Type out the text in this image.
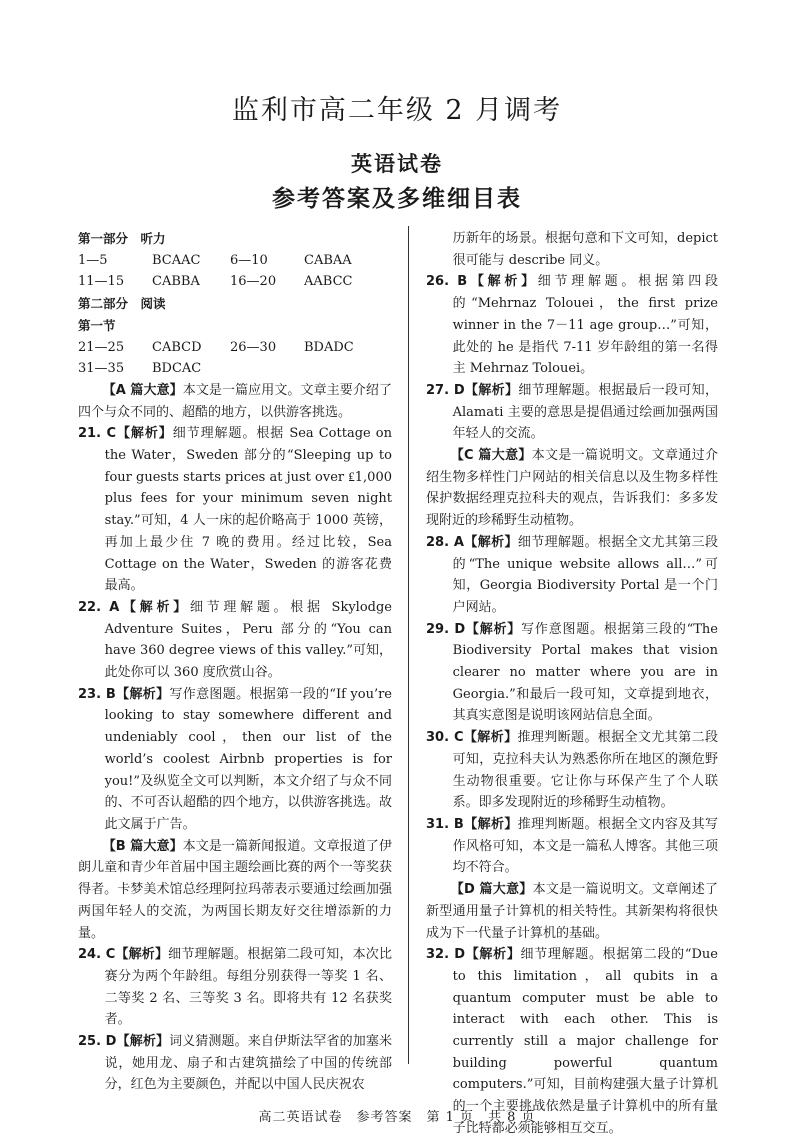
监利市高二年级 2 月调考
英语试卷
参考答案及多维细目表
第一部分　听力
1—5	BCAAC	6—10	CABAA
11—15	CABBA	16—20	AABCC
第二部分　阅读
第一节
21—25	CABCD	26—30	BDADC
31—35	BDCAC

【A 篇大意】本文是一篇应用文。文章主要介绍了四个与众不同的、超酷的地方，以供游客挑选。

21. C【解析】细节理解题。根据 Sea Cottage on the Water，Sweden 部分的“Sleeping up to four guests starts prices at just over ₤1,000 plus fees for your minimum seven night stay.”可知，4 人一床的起价略高于 1000 英镑，再加上最少住 7 晚的费用。经过比较，Sea Cottage on the Water，Sweden 的游客花费最高。

22. A【解析】细节理解题。根据 Skylodge Adventure Suites，Peru 部分的“You can have 360 degree views of this valley.”可知，此处你可以 360 度欣赏山谷。

23. B【解析】写作意图题。根据第一段的“If you’re looking to stay somewhere different and undeniably cool，then our list of the world’s coolest Airbnb properties is for you!”及纵览全文可以判断，本文介绍了与众不同的、不可否认超酷的四个地方，以供游客挑选。故此文属于广告。

【B 篇大意】本文是一篇新闻报道。文章报道了伊朗儿童和青少年首届中国主题绘画比赛的两个一等奖获得者。卡梦美术馆总经理阿拉玛蒂表示要通过绘画加强两国年轻人的交流，为两国长期友好交往增添新的力量。

24. C【解析】细节理解题。根据第二段可知，本次比赛分为两个年龄组。每组分别获得一等奖 1 名、二等奖 2 名、三等奖 3 名。即将共有 12 名获奖者。

25. D【解析】词义猜测题。来自伊斯法罕省的加塞米说，她用龙、扇子和古建筑描绘了中国的传统部分，红色为主要颜色，并配以中国人民庆祝农

历新年的场景。根据句意和下文可知，depict 很可能与 describe 同义。

26. B【解析】细节理解题。根据第四段的“Mehrnaz Tolouei，the first prize winner in the 7－11 age group…”可知，此处的 he 是指代 7-11 岁年龄组的第一名得主 Mehrnaz Tolouei。

27. D【解析】细节理解题。根据最后一段可知，Alamati 主要的意思是提倡通过绘画加强两国年轻人的交流。

【C 篇大意】本文是一篇说明文。文章通过介绍生物多样性门户网站的相关信息以及生物多样性保护数据经理克拉科夫的观点，告诉我们：多多发现附近的珍稀野生动植物。

28. A【解析】细节理解题。根据全文尤其第三段的“The unique website allows all…”可知，Georgia Biodiversity Portal 是一个门户网站。

29. D【解析】写作意图题。根据第三段的“The Biodiversity Portal makes that vision clearer no matter where you are in Georgia.”和最后一段可知，文章提到地衣，其真实意图是说明该网站信息全面。

30. C【解析】推理判断题。根据全文尤其第二段可知，克拉科夫认为熟悉你所在地区的濒危野生动物很重要。它让你与环保产生了个人联系。即多发现附近的珍稀野生动植物。

31. B【解析】推理判断题。根据全文内容及其写作风格可知，本文是一篇私人博客。其他三项均不符合。

【D 篇大意】本文是一篇说明文。文章阐述了新型通用量子计算机的相关特性。其新架构将很快成为下一代量子计算机的基础。

32. D【解析】细节理解题。根据第二段的“Due to this limitation，all qubits in a quantum computer must be able to interact with each other. This is currently still a major challenge for building powerful quantum computers.”可知，目前构建强大量子计算机的一个主要挑战依然是量子计算机中的所有量子比特都必须能够相互交互。

高二英语试卷　参考答案　第 1 页　共 8 页
